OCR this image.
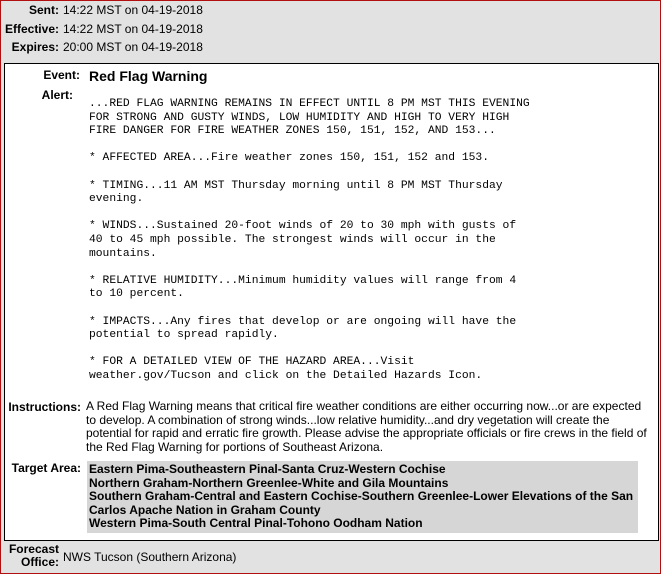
Sent: 14:22 MST on 04-19-2018
Effective: 14:22 MST on 04-19-2018
Expires: 20:00 MST on 04-19-2018
Event: Red Flag Warning
Alert:
...RED FLAG WARNING REMAINS IN EFFECT UNTIL 8 PM MST THIS EVENING
FOR STRONG AND GUSTY WINDS, LOW HUMIDITY AND HIGH TO VERY HIGH
FIRE DANGER FOR FIRE WEATHER ZONES 150, 151, 152, AND 153...

* AFFECTED AREA...Fire weather zones 150, 151, 152 and 153.

* TIMING...11 AM MST Thursday morning until 8 PM MST Thursday
evening.

* WINDS...Sustained 20-foot winds of 20 to 30 mph with gusts of
40 to 45 mph possible. The strongest winds will occur in the
mountains.

* RELATIVE HUMIDITY...Minimum humidity values will range from 4
to 10 percent.

* IMPACTS...Any fires that develop or are ongoing will have the
potential to spread rapidly.

* FOR A DETAILED VIEW OF THE HAZARD AREA...Visit
weather.gov/Tucson and click on the Detailed Hazards Icon.
Instructions: A Red Flag Warning means that critical fire weather conditions are either occurring now...or are expected to develop. A combination of strong winds...low relative humidity...and dry vegetation will create the potential for rapid and erratic fire growth. Please advise the appropriate officials or fire crews in the field of the Red Flag Warning for portions of Southeast Arizona.
Target Area: Eastern Pima-Southeastern Pinal-Santa Cruz-Western Cochise
Northern Graham-Northern Greenlee-White and Gila Mountains
Southern Graham-Central and Eastern Cochise-Southern Greenlee-Lower Elevations of the San Carlos Apache Nation in Graham County
Western Pima-South Central Pinal-Tohono Oodham Nation
Forecast
Office: NWS Tucson (Southern Arizona)
